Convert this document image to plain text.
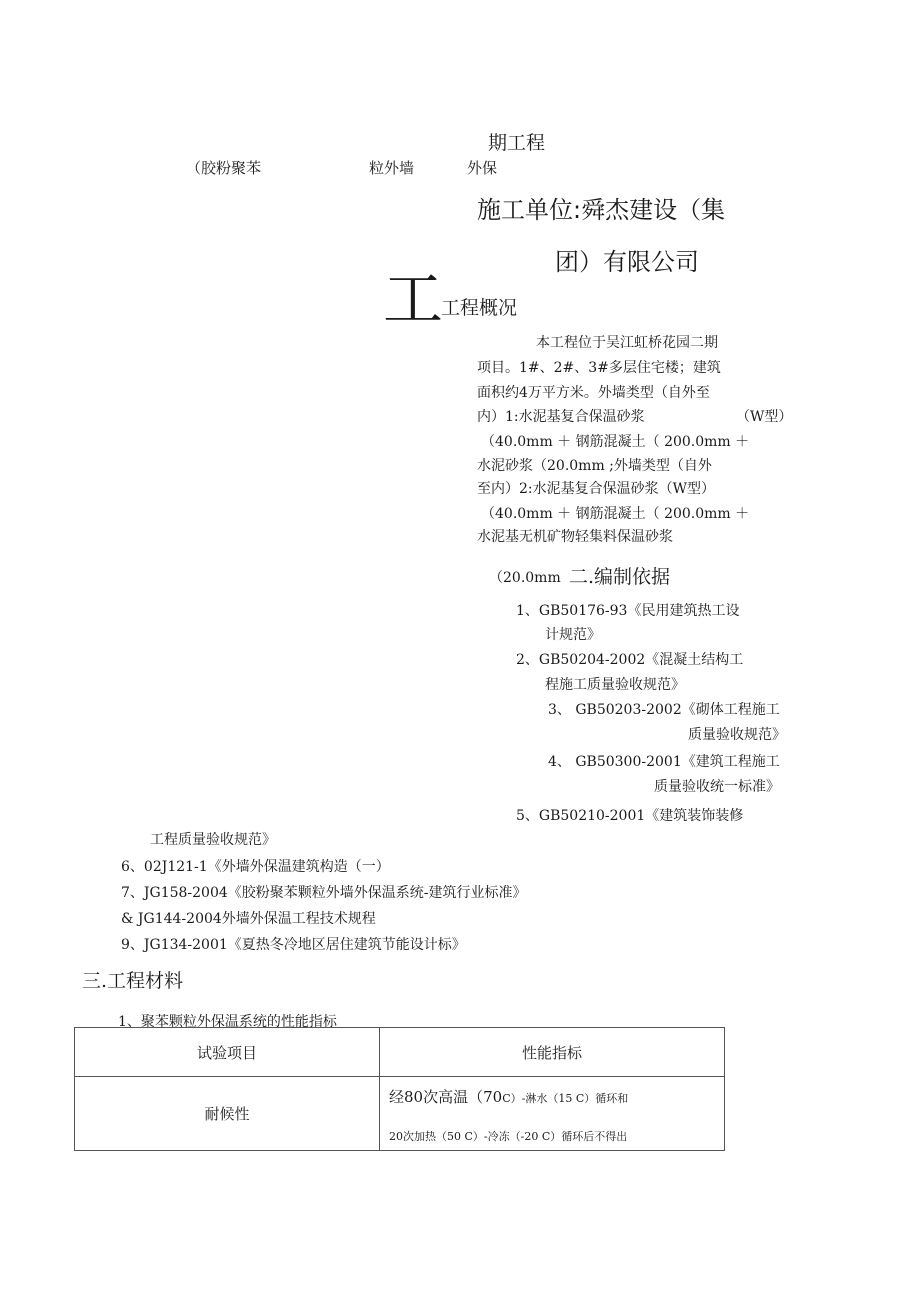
期工程
（胶粉聚苯	粒外墙	外保
施工单位:舜杰建设（集
团）有限公司
工
工程概况
本工程位于吴江虹桥花园二期
项目。1#、2#、3#多层住宅楼；建筑
面积约4万平方米。外墙类型（自外至
内）1:水泥基复合保温砂浆	（W型）
（40.0mm ＋ 钢筋混凝土（ 200.0mm ＋
水泥砂浆（20.0mm ;外墙类型（自外
至内）2:水泥基复合保温砂浆（W型）
（40.0mm ＋ 钢筋混凝土（ 200.0mm ＋
水泥基无机矿物轻集料保温砂浆
（20.0mm 二.编制依据
1、GB50176-93《民用建筑热工设
计规范》
2、GB50204-2002《混凝土结构工
程施工质量验收规范》
3、 GB50203-2002《砌体工程施工
质量验收规范》
4、 GB50300-2001《建筑工程施工
质量验收统一标准》
5、GB50210-2001《建筑装饰装修
工程质量验收规范》
6、02J121-1《外墙外保温建筑构造（一）
7、JG158-2004《胶粉聚苯颗粒外墙外保温系统-建筑行业标准》
& JG144-2004外墙外保温工程技术规程
9、JG134-2001《夏热冬冷地区居住建筑节能设计标》
三.工程材料
1、聚苯颗粒外保温系统的性能指标
试验项目	性能指标
耐候性	经80次高温（70C）-淋水（15 C）循环和
20次加热（50 C）-冷冻（-20 C）循环后不得出
